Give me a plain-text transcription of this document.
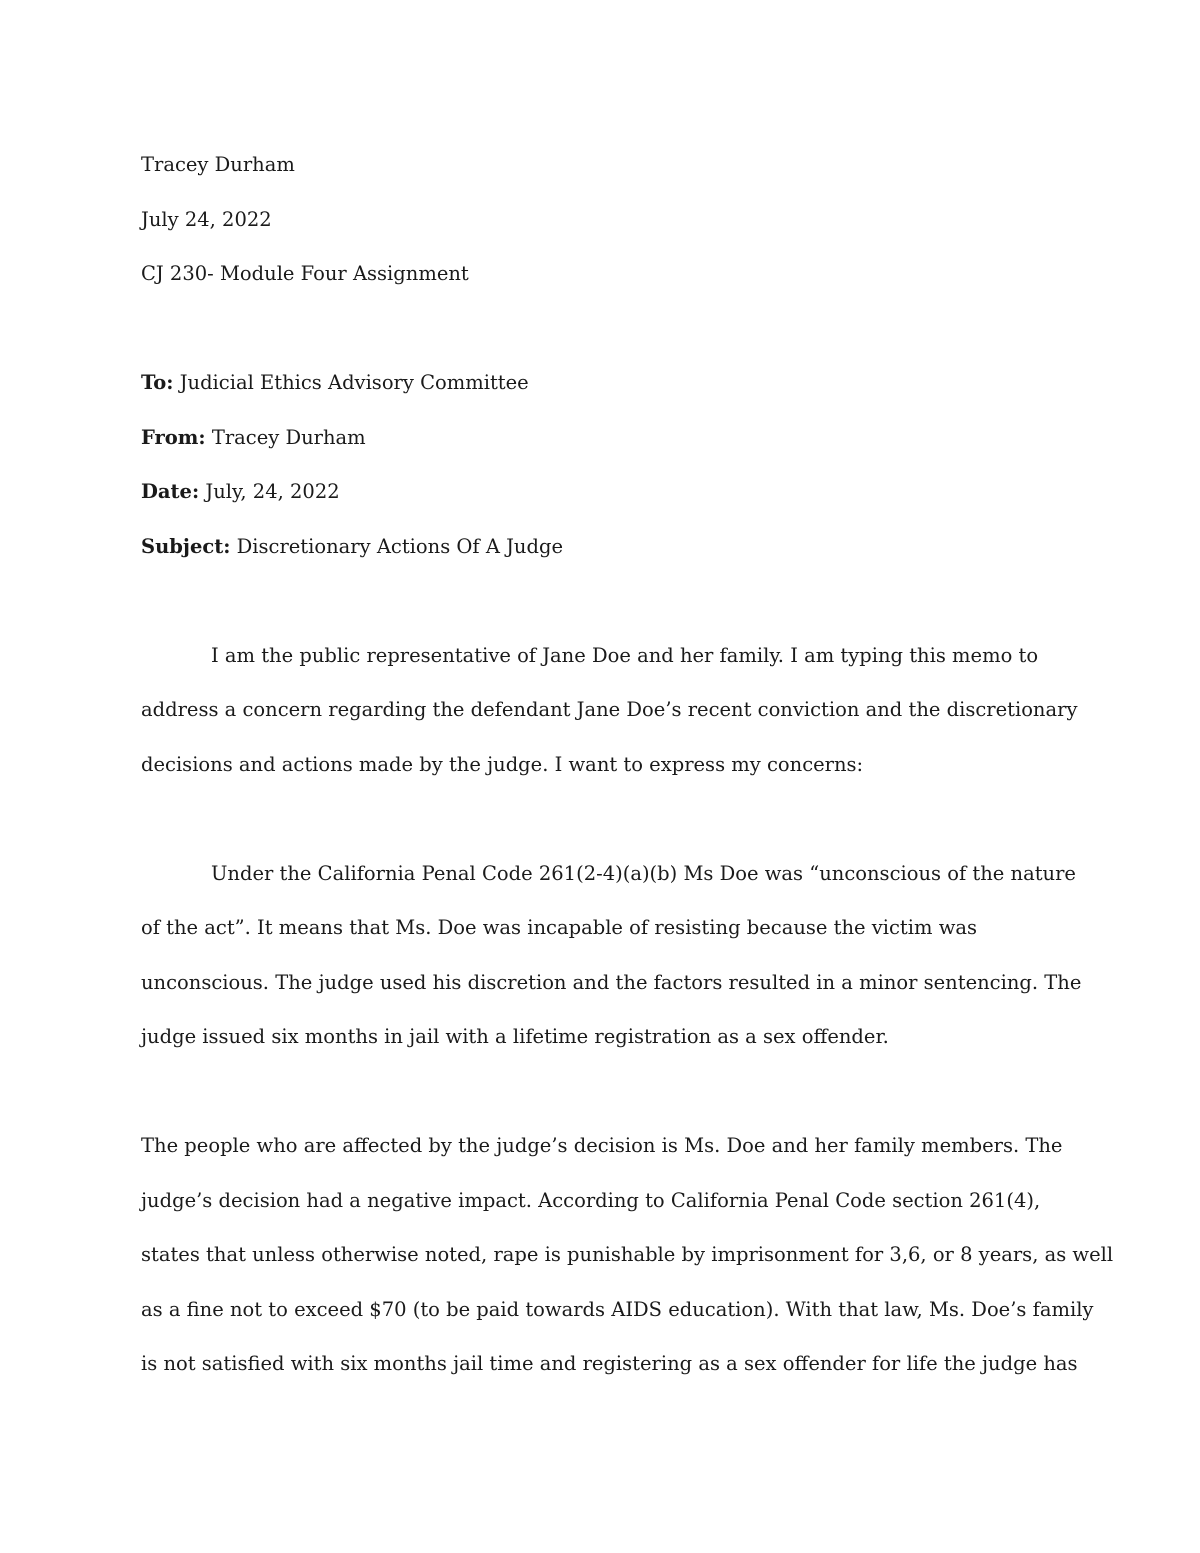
Tracey Durham

July 24, 2022

CJ 230- Module Four Assignment

To: Judicial Ethics Advisory Committee

From: Tracey Durham

Date: July, 24, 2022

Subject: Discretionary Actions Of A Judge

I am the public representative of Jane Doe and her family. I am typing this memo to

address a concern regarding the defendant Jane Doe’s recent conviction and the discretionary

decisions and actions made by the judge. I want to express my concerns:

Under the California Penal Code 261(2-4)(a)(b) Ms Doe was “unconscious of the nature

of the act”. It means that Ms. Doe was incapable of resisting because the victim was

unconscious. The judge used his discretion and the factors resulted in a minor sentencing. The

judge issued six months in jail with a lifetime registration as a sex offender.

The people who are affected by the judge’s decision is Ms. Doe and her family members. The

judge’s decision had a negative impact. According to California Penal Code section 261(4),

states that unless otherwise noted, rape is punishable by imprisonment for 3,6, or 8 years, as well

as a fine not to exceed $70 (to be paid towards AIDS education). With that law, Ms. Doe’s family

is not satisfied with six months jail time and registering as a sex offender for life the judge has
